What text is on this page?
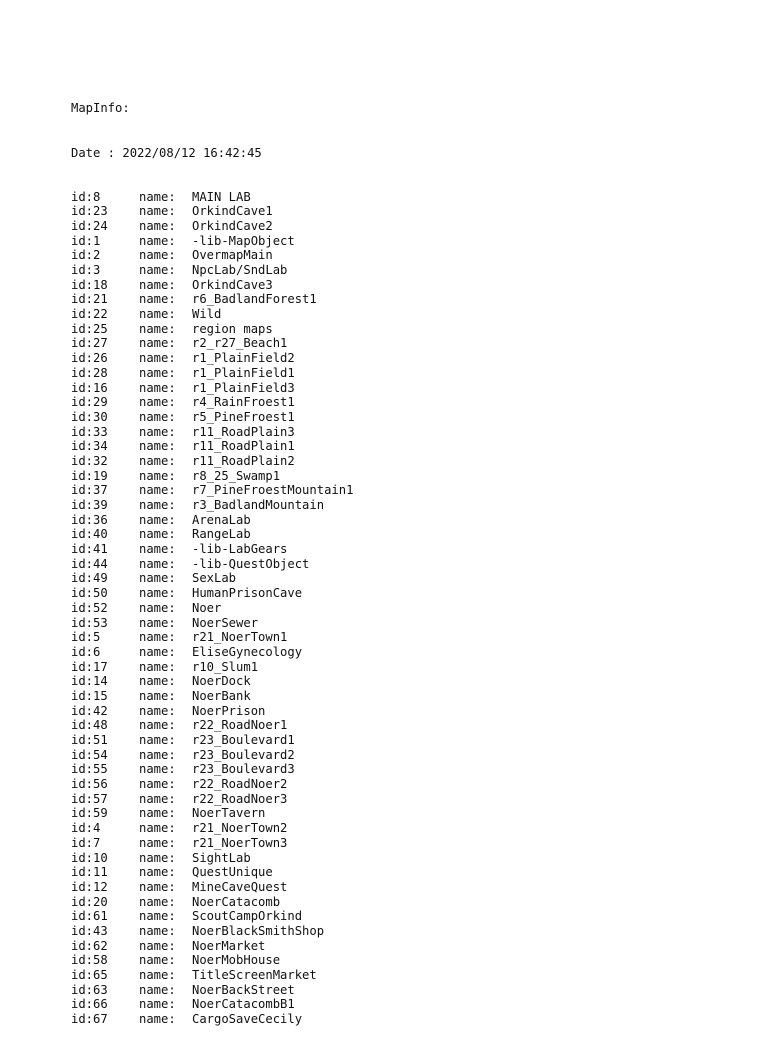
MapInfo:

Date : 2022/08/12 16:42:45

id:8	name:	MAIN LAB
id:23	name:	OrkindCave1
id:24	name:	OrkindCave2
id:1	name:	-lib-MapObject
id:2	name:	OvermapMain
id:3	name:	NpcLab/SndLab
id:18	name:	OrkindCave3
id:21	name:	r6_BadlandForest1
id:22	name:	Wild
id:25	name:	region maps
id:27	name:	r2_r27_Beach1
id:26	name:	r1_PlainField2
id:28	name:	r1_PlainField1
id:16	name:	r1_PlainField3
id:29	name:	r4_RainFroest1
id:30	name:	r5_PineFroest1
id:33	name:	r11_RoadPlain3
id:34	name:	r11_RoadPlain1
id:32	name:	r11_RoadPlain2
id:19	name:	r8_25_Swamp1
id:37	name:	r7_PineFroestMountain1
id:39	name:	r3_BadlandMountain
id:36	name:	ArenaLab
id:40	name:	RangeLab
id:41	name:	-lib-LabGears
id:44	name:	-lib-QuestObject
id:49	name:	SexLab
id:50	name:	HumanPrisonCave
id:52	name:	Noer
id:53	name:	NoerSewer
id:5	name:	r21_NoerTown1
id:6	name:	EliseGynecology
id:17	name:	r10_Slum1
id:14	name:	NoerDock
id:15	name:	NoerBank
id:42	name:	NoerPrison
id:48	name:	r22_RoadNoer1
id:51	name:	r23_Boulevard1
id:54	name:	r23_Boulevard2
id:55	name:	r23_Boulevard3
id:56	name:	r22_RoadNoer2
id:57	name:	r22_RoadNoer3
id:59	name:	NoerTavern
id:4	name:	r21_NoerTown2
id:7	name:	r21_NoerTown3
id:10	name:	SightLab
id:11	name:	QuestUnique
id:12	name:	MineCaveQuest
id:20	name:	NoerCatacomb
id:61	name:	ScoutCampOrkind
id:43	name:	NoerBlackSmithShop
id:62	name:	NoerMarket
id:58	name:	NoerMobHouse
id:65	name:	TitleScreenMarket
id:63	name:	NoerBackStreet
id:66	name:	NoerCatacombB1
id:67	name:	CargoSaveCecily
